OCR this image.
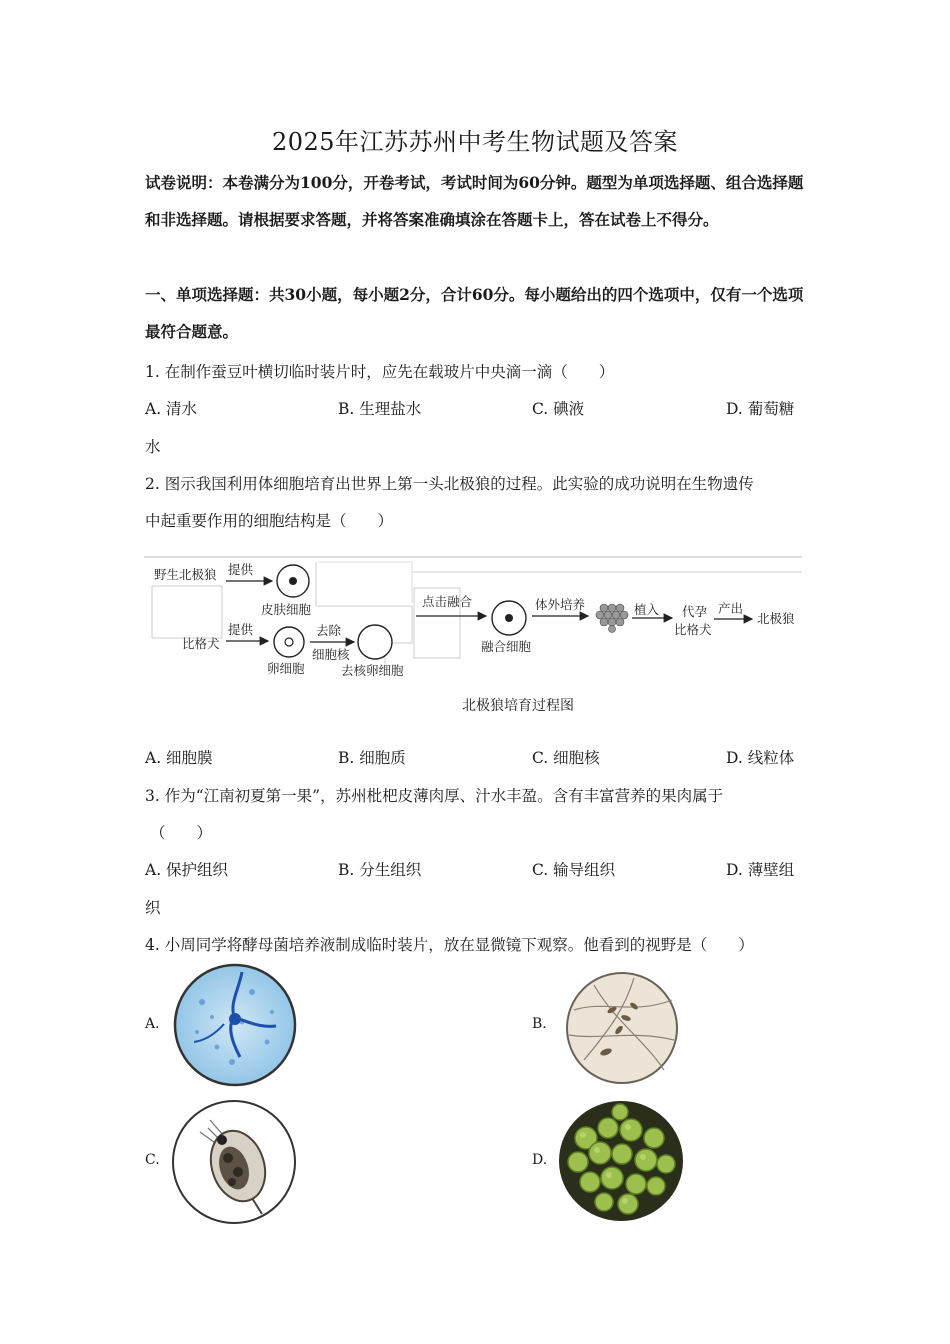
2025年江苏苏州中考生物试题及答案
试卷说明：本卷满分为100分，开卷考试，考试时间为60分钟。题型为单项选择题、组合选择题和非选择题。请根据要求答题，并将答案准确填涂在答题卡上，答在试卷上不得分。
一、单项选择题：共30小题，每小题2分，合计60分。每小题给出的四个选项中，仅有一个选项最符合题意。
1. 在制作蚕豆叶横切临时装片时，应先在载玻片中央滴一滴（　　）
A. 清水	B. 生理盐水	C. 碘液	D. 葡萄糖
水
2. 图示我国利用体细胞培育出世界上第一头北极狼的过程。此实验的成功说明在生物遗传
中起重要作用的细胞结构是（　　）
野生北极狼 提供
皮肤细胞
比格犬
提供
卵细胞
去除
细胞核
去核卵细胞
点击融合
融合细胞
体外培养	植入 代孕
比格犬
产出
北极狼
北极狼培育过程图
A. 细胞膜	B. 细胞质	C. 细胞核	D. 线粒体
3. 作为“江南初夏第一果”，苏州枇杷皮薄肉厚、汁水丰盈。含有丰富营养的果肉属于
（　　）
A. 保护组织	B. 分生组织	C. 输导组织	D. 薄壁组
织
4. 小周同学将酵母菌培养液制成临时装片，放在显微镜下观察。他看到的视野是（　　）
A.	B.
C.	D.
